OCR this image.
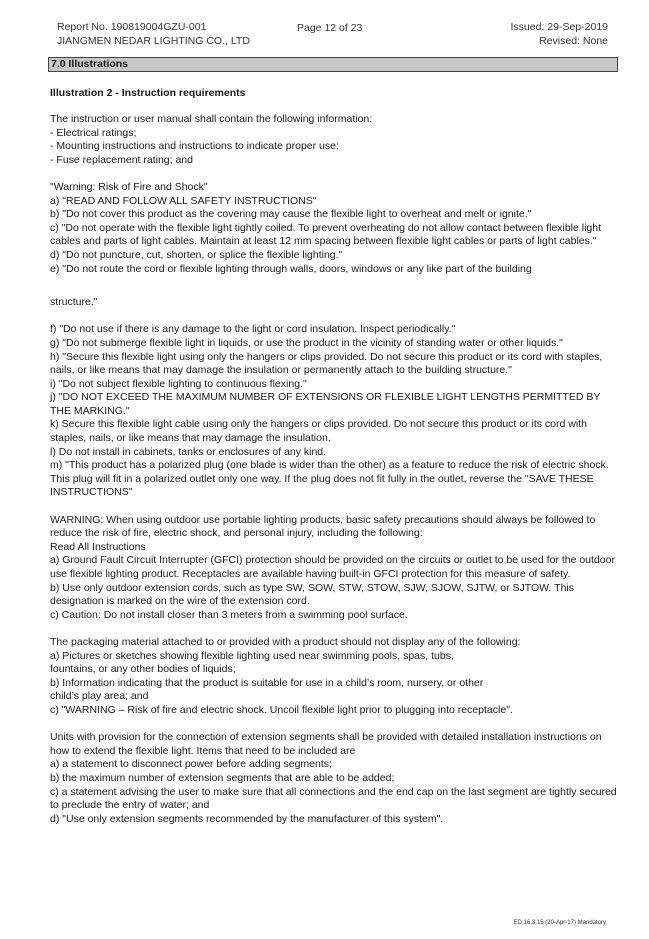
Report No. 190819004GZU-001
JIANGMEN NEDAR LIGHTING CO., LTD
Page 12 of 23	Issued: 29-Sep-2019
Revised: None
7.0 Illustrations
Illustration 2 - Instruction requirements

The instruction or user manual shall contain the following information:
- Electrical ratings;
- Mounting instructions and instructions to indicate proper use;
- Fuse replacement rating; and

"Warning: Risk of Fire and Shock"
a) "READ AND FOLLOW ALL SAFETY INSTRUCTIONS"
b) "Do not cover this product as the covering may cause the flexible light to overheat and melt or ignite."
c) "Do not operate with the flexible light tightly coiled. To prevent overheating do not allow contact between flexible light cables and parts of light cables. Maintain at least 12 mm spacing between flexible light cables or parts of light cables."
d) "Do not puncture, cut, shorten, or splice the flexible lighting."
e) "Do not route the cord or flexible lighting through walls, doors, windows or any like part of the building

structure."

f) "Do not use if there is any damage to the light or cord insulation. Inspect periodically."
g) "Do not submerge flexible light in liquids, or use the product in the vicinity of standing water or other liquids."
h) "Secure this flexible light using only the hangers or clips provided. Do not secure this product or its cord with staples, nails, or like means that may damage the insulation or permanently attach to the building structure."
i) "Do not subject flexible lighting to continuous flexing."
j) "DO NOT EXCEED THE MAXIMUM NUMBER OF EXTENSIONS OR FLEXIBLE LIGHT LENGTHS PERMITTED BY THE MARKING."
k) Secure this flexible light cable using only the hangers or clips provided. Do not secure this product or its cord with staples, nails, or like means that may damage the insulation.
l) Do not install in cabinets, tanks or enclosures of any kind.
m) "This product has a polarized plug (one blade is wider than the other) as a feature to reduce the risk of electric shock. This plug will fit in a polarized outlet only one way. If the plug does not fit fully in the outlet, reverse the "SAVE THESE INSTRUCTIONS"

WARNING: When using outdoor use portable lighting products, basic safety precautions should always be followed to reduce the risk of fire, electric shock, and personal injury, including the following:
Read All Instructions
a) Ground Fault Circuit Interrupter (GFCI) protection should be provided on the circuits or outlet to be used for the outdoor use flexible lighting product. Receptacles are available having built-in GFCI protection for this measure of safety.
b) Use only outdoor extension cords, such as type SW, SOW, STW, STOW, SJW, SJOW, SJTW, or SJTOW. This designation is marked on the wire of the extension cord.
c) Caution: Do not install closer than 3 meters from a swimming pool surface.

The packaging material attached to or provided with a product should not display any of the following:
a) Pictures or sketches showing flexible lighting used near swimming pools, spas, tubs,
fountains, or any other bodies of liquids;
b) Information indicating that the product is suitable for use in a child’s room, nursery, or other
child’s play area; and
c) "WARNING – Risk of fire and electric shock. Uncoil flexible light prior to plugging into receptacle".

Units with provision for the connection of extension segments shall be provided with detailed installation instructions on how to extend the flexible light. Items that need to be included are
a) a statement to disconnect power before adding segments;
b) the maximum number of extension segments that are able to be added;
c) a statement advising the user to make sure that all connections and the end cap on the last segment are tightly secured to preclude the entry of water; and
d) "Use only extension segments recommended by the manufacturer of this system".

ED 16.3.15 (20-Apr-17) Mandatory
